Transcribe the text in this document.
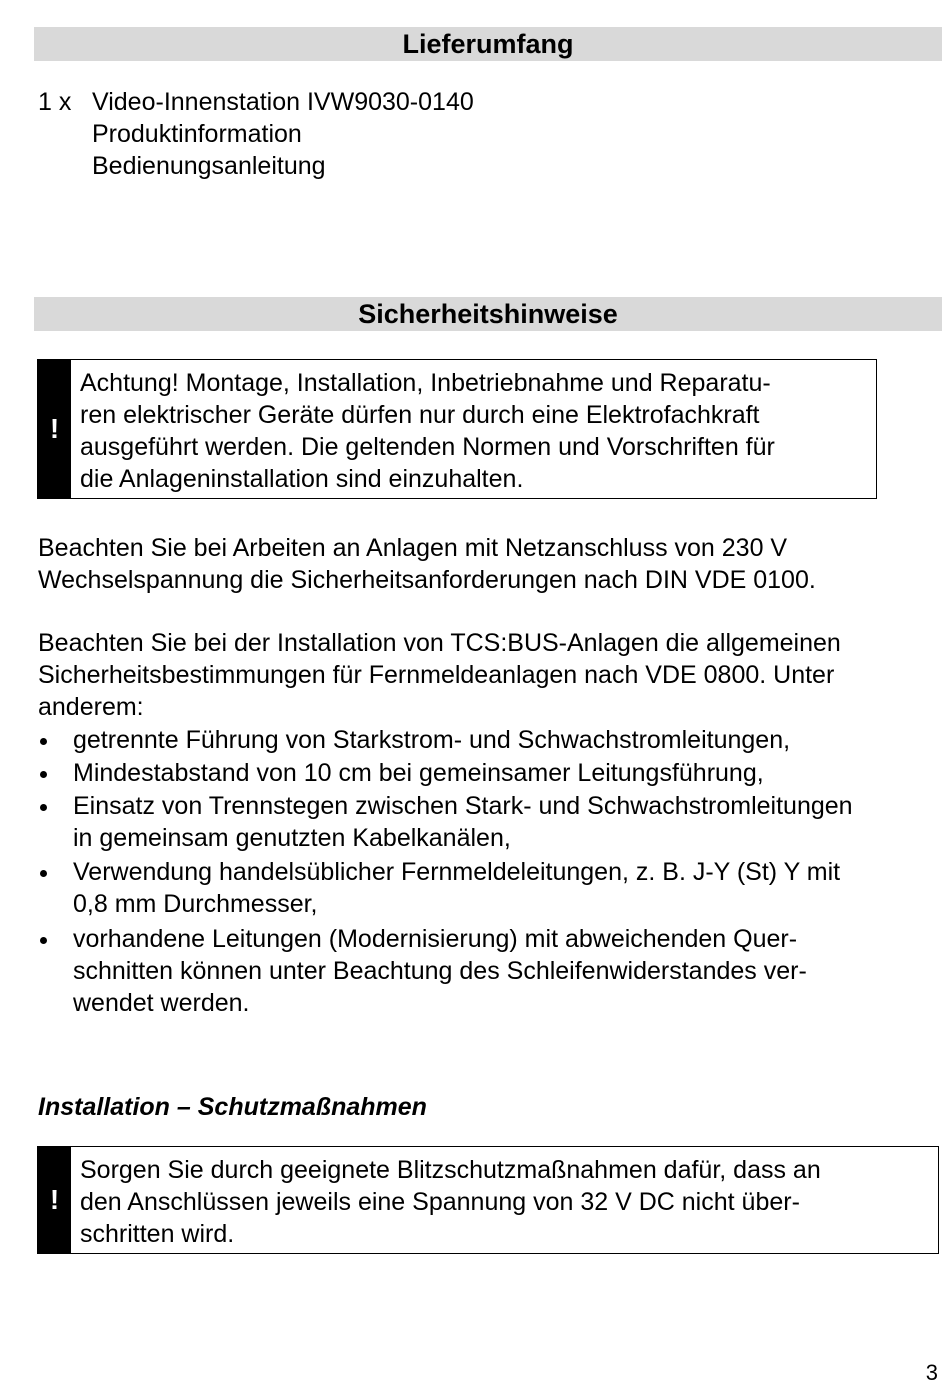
Lieferumfang
1 x Video-Innenstation IVW9030-0140
Produktinformation
Bedienungsanleitung
Sicherheitshinweise
!
Achtung! Montage, Installation, Inbetriebnahme und Reparatu-
ren elektrischer Geräte dürfen nur durch eine Elektrofachkraft
ausgeführt werden. Die geltenden Normen und Vorschriften für
die Anlageninstallation sind einzuhalten.
Beachten Sie bei Arbeiten an Anlagen mit Netzanschluss von 230 V
Wechselspannung die Sicherheitsanforderungen nach DIN VDE 0100.
Beachten Sie bei der Installation von TCS:BUS-Anlagen die allgemeinen
Sicherheitsbestimmungen für Fernmeldeanlagen nach VDE 0800. Unter
anderem:
getrennte Führung von Starkstrom- und Schwachstromleitungen,
Mindestabstand von 10 cm bei gemeinsamer Leitungsführung,
Einsatz von Trennstegen zwischen Stark- und Schwachstromleitungen
in gemeinsam genutzten Kabelkanälen,
Verwendung handelsüblicher Fernmeldeleitungen, z. B. J-Y (St) Y mit
0,8 mm Durchmesser,
vorhandene Leitungen (Modernisierung) mit abweichenden Quer-
schnitten können unter Beachtung des Schleifenwiderstandes ver-
wendet werden.
Installation – Schutzmaßnahmen
!
Sorgen Sie durch geeignete Blitzschutzmaßnahmen dafür, dass an
den Anschlüssen jeweils eine Spannung von 32 V DC nicht über-
schritten wird.
3
